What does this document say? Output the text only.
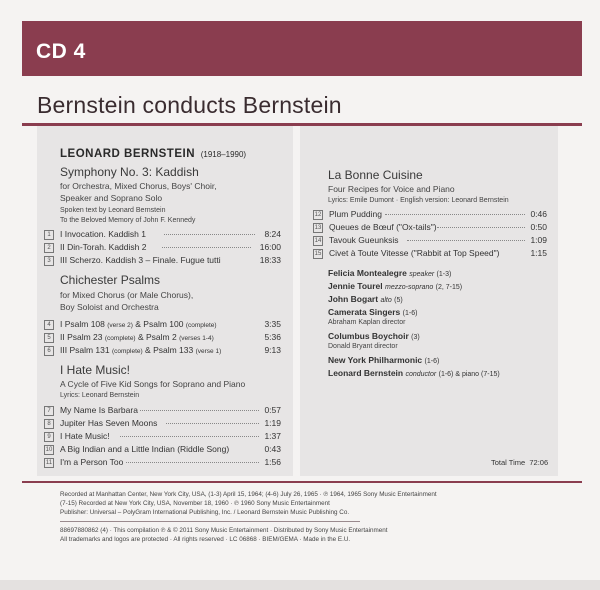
CD 4
Bernstein conducts Bernstein
LEONARD BERNSTEIN (1918–1990)
Symphony No. 3: Kaddish
for Orchestra, Mixed Chorus, Boys' Choir,
Speaker and Soprano Solo
Spoken text by Leonard Bernstein
To the Beloved Memory of John F. Kennedy
1	I Invocation. Kaddish 1	8:24
2	II Din-Torah. Kaddish 2	16:00
3	III Scherzo. Kaddish 3 – Finale. Fugue tutti	18:33
Chichester Psalms
for Mixed Chorus (or Male Chorus),
Boy Soloist and Orchestra
4	I Psalm 108 (verse 2) & Psalm 100 (complete)	3:35
5	II Psalm 23 (complete) & Psalm 2 (verses 1-4)	5:36
6	III Psalm 131 (complete) & Psalm 133 (verse 1)	9:13
I Hate Music!
A Cycle of Five Kid Songs for Soprano and Piano
Lyrics: Leonard Bernstein
7	My Name Is Barbara	0:57
8	Jupiter Has Seven Moons	1:19
9	I Hate Music!	1:37
10 A Big Indian and a Little Indian (Riddle Song)	0:43
11 I'm a Person Too	1:56
La Bonne Cuisine
Four Recipes for Voice and Piano
Lyrics: Emile Dumont · English version: Leonard Bernstein
12 Plum Pudding	0:46
13 Queues de Bœuf ("Ox-tails")	0:50
14 Tavouk Gueunksis	1:09
15 Civet à Toute Vitesse ("Rabbit at Top Speed")	1:15
Felicia Montealegre speaker (1-3)
Jennie Tourel mezzo-soprano (2, 7-15)
John Bogart alto (5)
Camerata Singers (1-6)
Abraham Kaplan director
Columbus Boychoir (3)
Donald Bryant director
New York Philharmonic (1-6)
Leonard Bernstein conductor (1-6) & piano (7-15)
Total Time 72:06
Recorded at Manhattan Center, New York City, USA, (1-3) April 15, 1964; (4-6) July 26, 1965 · ℗ 1964, 1965 Sony Music Entertainment
(7-15) Recorded at New York City, USA, November 18, 1960 · ℗ 1960 Sony Music Entertainment
Publisher: Universal – PolyGram International Publishing, Inc. / Leonard Bernstein Music Publishing Co.
88697880862 (4) · This compilation ℗ & © 2011 Sony Music Entertainment · Distributed by Sony Music Entertainment
All trademarks and logos are protected · All rights reserved · LC 06868 · BIEM/GEMA · Made in the E.U.
